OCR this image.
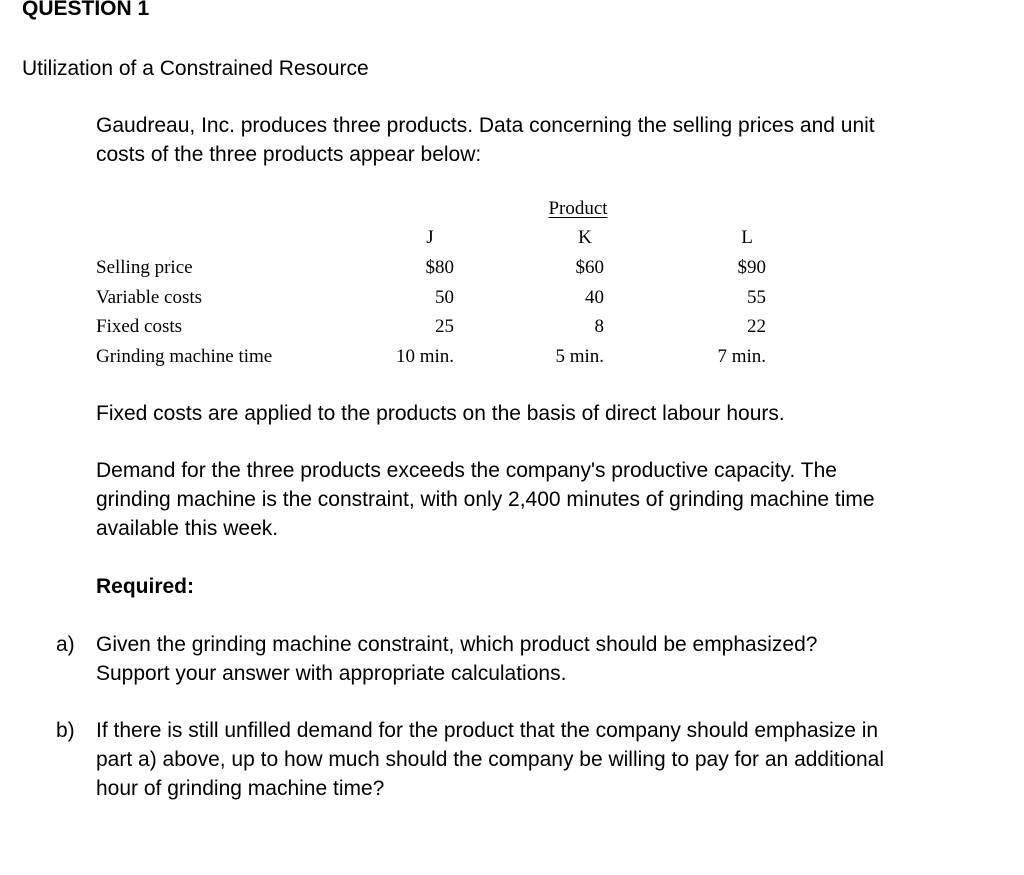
QUESTION 1
Utilization of a Constrained Resource
Gaudreau, Inc. produces three products. Data concerning the selling prices and unit costs of the three products appear below:
Product
J	K	L
Selling price	$80	$60	$90
Variable costs	50	40	55
Fixed costs	25	8	22
Grinding machine time	10 min.	5 min.	7 min.
Fixed costs are applied to the products on the basis of direct labour hours.
Demand for the three products exceeds the company's productive capacity. The grinding machine is the constraint, with only 2,400 minutes of grinding machine time available this week.
Required:
a) Given the grinding machine constraint, which product should be emphasized? Support your answer with appropriate calculations.
b) If there is still unfilled demand for the product that the company should emphasize in part a) above, up to how much should the company be willing to pay for an additional hour of grinding machine time?
